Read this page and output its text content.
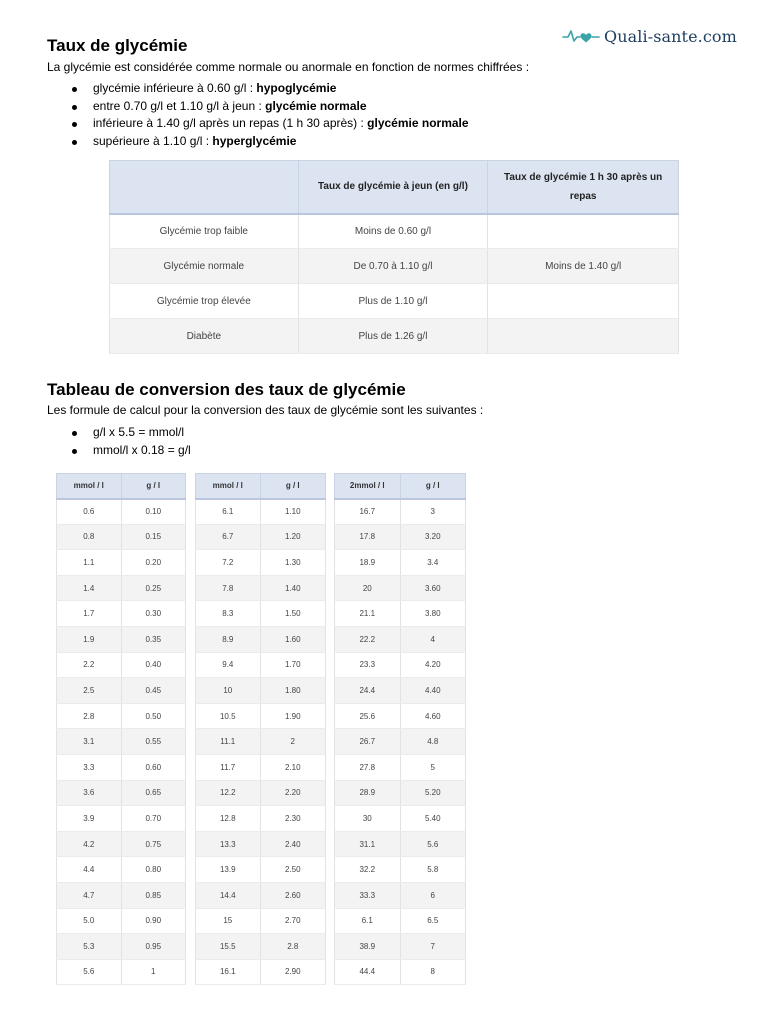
Quali-sante.com
Taux de glycémie
La glycémie est considérée comme normale ou anormale en fonction de normes chiffrées :
glycémie inférieure à 0.60 g/l : hypoglycémie
entre 0.70 g/l et 1.10 g/l à jeun : glycémie normale
inférieure à 1.40 g/l après un repas (1 h 30 après) : glycémie normale
supérieure à 1.10 g/l : hyperglycémie
	Taux de glycémie à jeun (en g/l)	Taux de glycémie 1 h 30 après un repas
Glycémie trop faible	Moins de 0.60 g/l	
Glycémie normale	De 0.70 à 1.10 g/l	Moins de 1.40 g/l
Glycémie trop élevée	Plus de 1.10 g/l	
Diabète	Plus de 1.26 g/l	
Tableau de conversion des taux de glycémie
Les formule de calcul pour la conversion des taux de glycémie sont les suivantes :
g/l x 5.5 = mmol/l
mmol/l x 0.18 = g/l
mmol / l	g / l
0.6	0.10
0.8	0.15
1.1	0.20
1.4	0.25
1.7	0.30
1.9	0.35
2.2	0.40
2.5	0.45
2.8	0.50
3.1	0.55
3.3	0.60
3.6	0.65
3.9	0.70
4.2	0.75
4.4	0.80
4.7	0.85
5.0	0.90
5.3	0.95
5.6	1
mmol / l	g / l
6.1	1.10
6.7	1.20
7.2	1.30
7.8	1.40
8.3	1.50
8.9	1.60
9.4	1.70
10	1.80
10.5	1.90
11.1	2
11.7	2.10
12.2	2.20
12.8	2.30
13.3	2.40
13.9	2.50
14.4	2.60
15	2.70
15.5	2.8
16.1	2.90
2mmol / l	g / l
16.7	3
17.8	3.20
18.9	3.4
20	3.60
21.1	3.80
22.2	4
23.3	4.20
24.4	4.40
25.6	4.60
26.7	4.8
27.8	5
28.9	5.20
30	5.40
31.1	5.6
32.2	5.8
33.3	6
6.1	6.5
38.9	7
44.4	8
